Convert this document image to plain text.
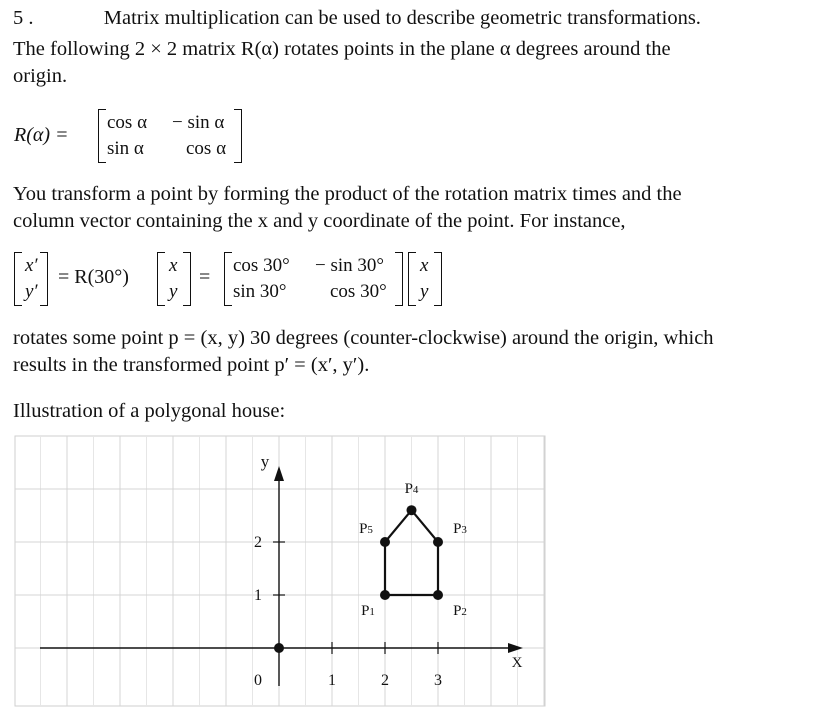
5 .	Matrix multiplication can be used to describe geometric transformations.
The following 2 × 2 matrix R(α) rotates points in the plane α degrees around the
origin.
R(α) =
cos α − sin α
sin α cos α
You transform a point by forming the product of the rotation matrix times and the
column vector containing the x and y coordinate of the point. For instance,
x′
y′
= R(30°)
x
y
=
cos 30° − sin 30°
sin 30° cos 30°
x
y
rotates some point p = (x, y) 30 degrees (counter-clockwise) around the origin, which
results in the transformed point p′ = (x′, y′).
Illustration of a polygonal house:
X
y
0	1	2	3
1
2
P1	P2
P3
P4
P5
